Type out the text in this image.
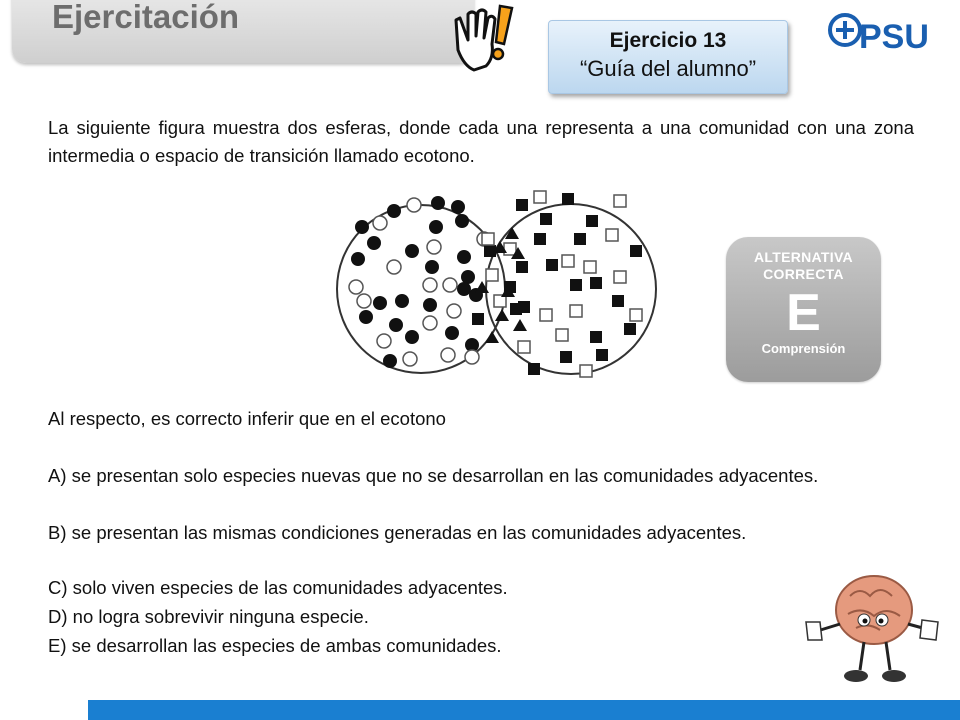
Ejercitación
Ejercicio 13
“Guía del alumno”
PSU
La siguiente figura muestra dos esferas, donde cada una representa a una comunidad con una zona intermedia o espacio de transición llamado ecotono.
ALTERNATIVA
CORRECTA
E
Comprensión
Al respecto, es correcto inferir que en el ecotono
A) se presentan solo especies nuevas que no se desarrollan en las comunidades adyacentes.
B) se presentan las mismas condiciones generadas en las comunidades adyacentes.
C) solo viven especies de las comunidades adyacentes.
D) no logra sobrevivir ninguna especie.
E) se desarrollan las especies de ambas comunidades.
